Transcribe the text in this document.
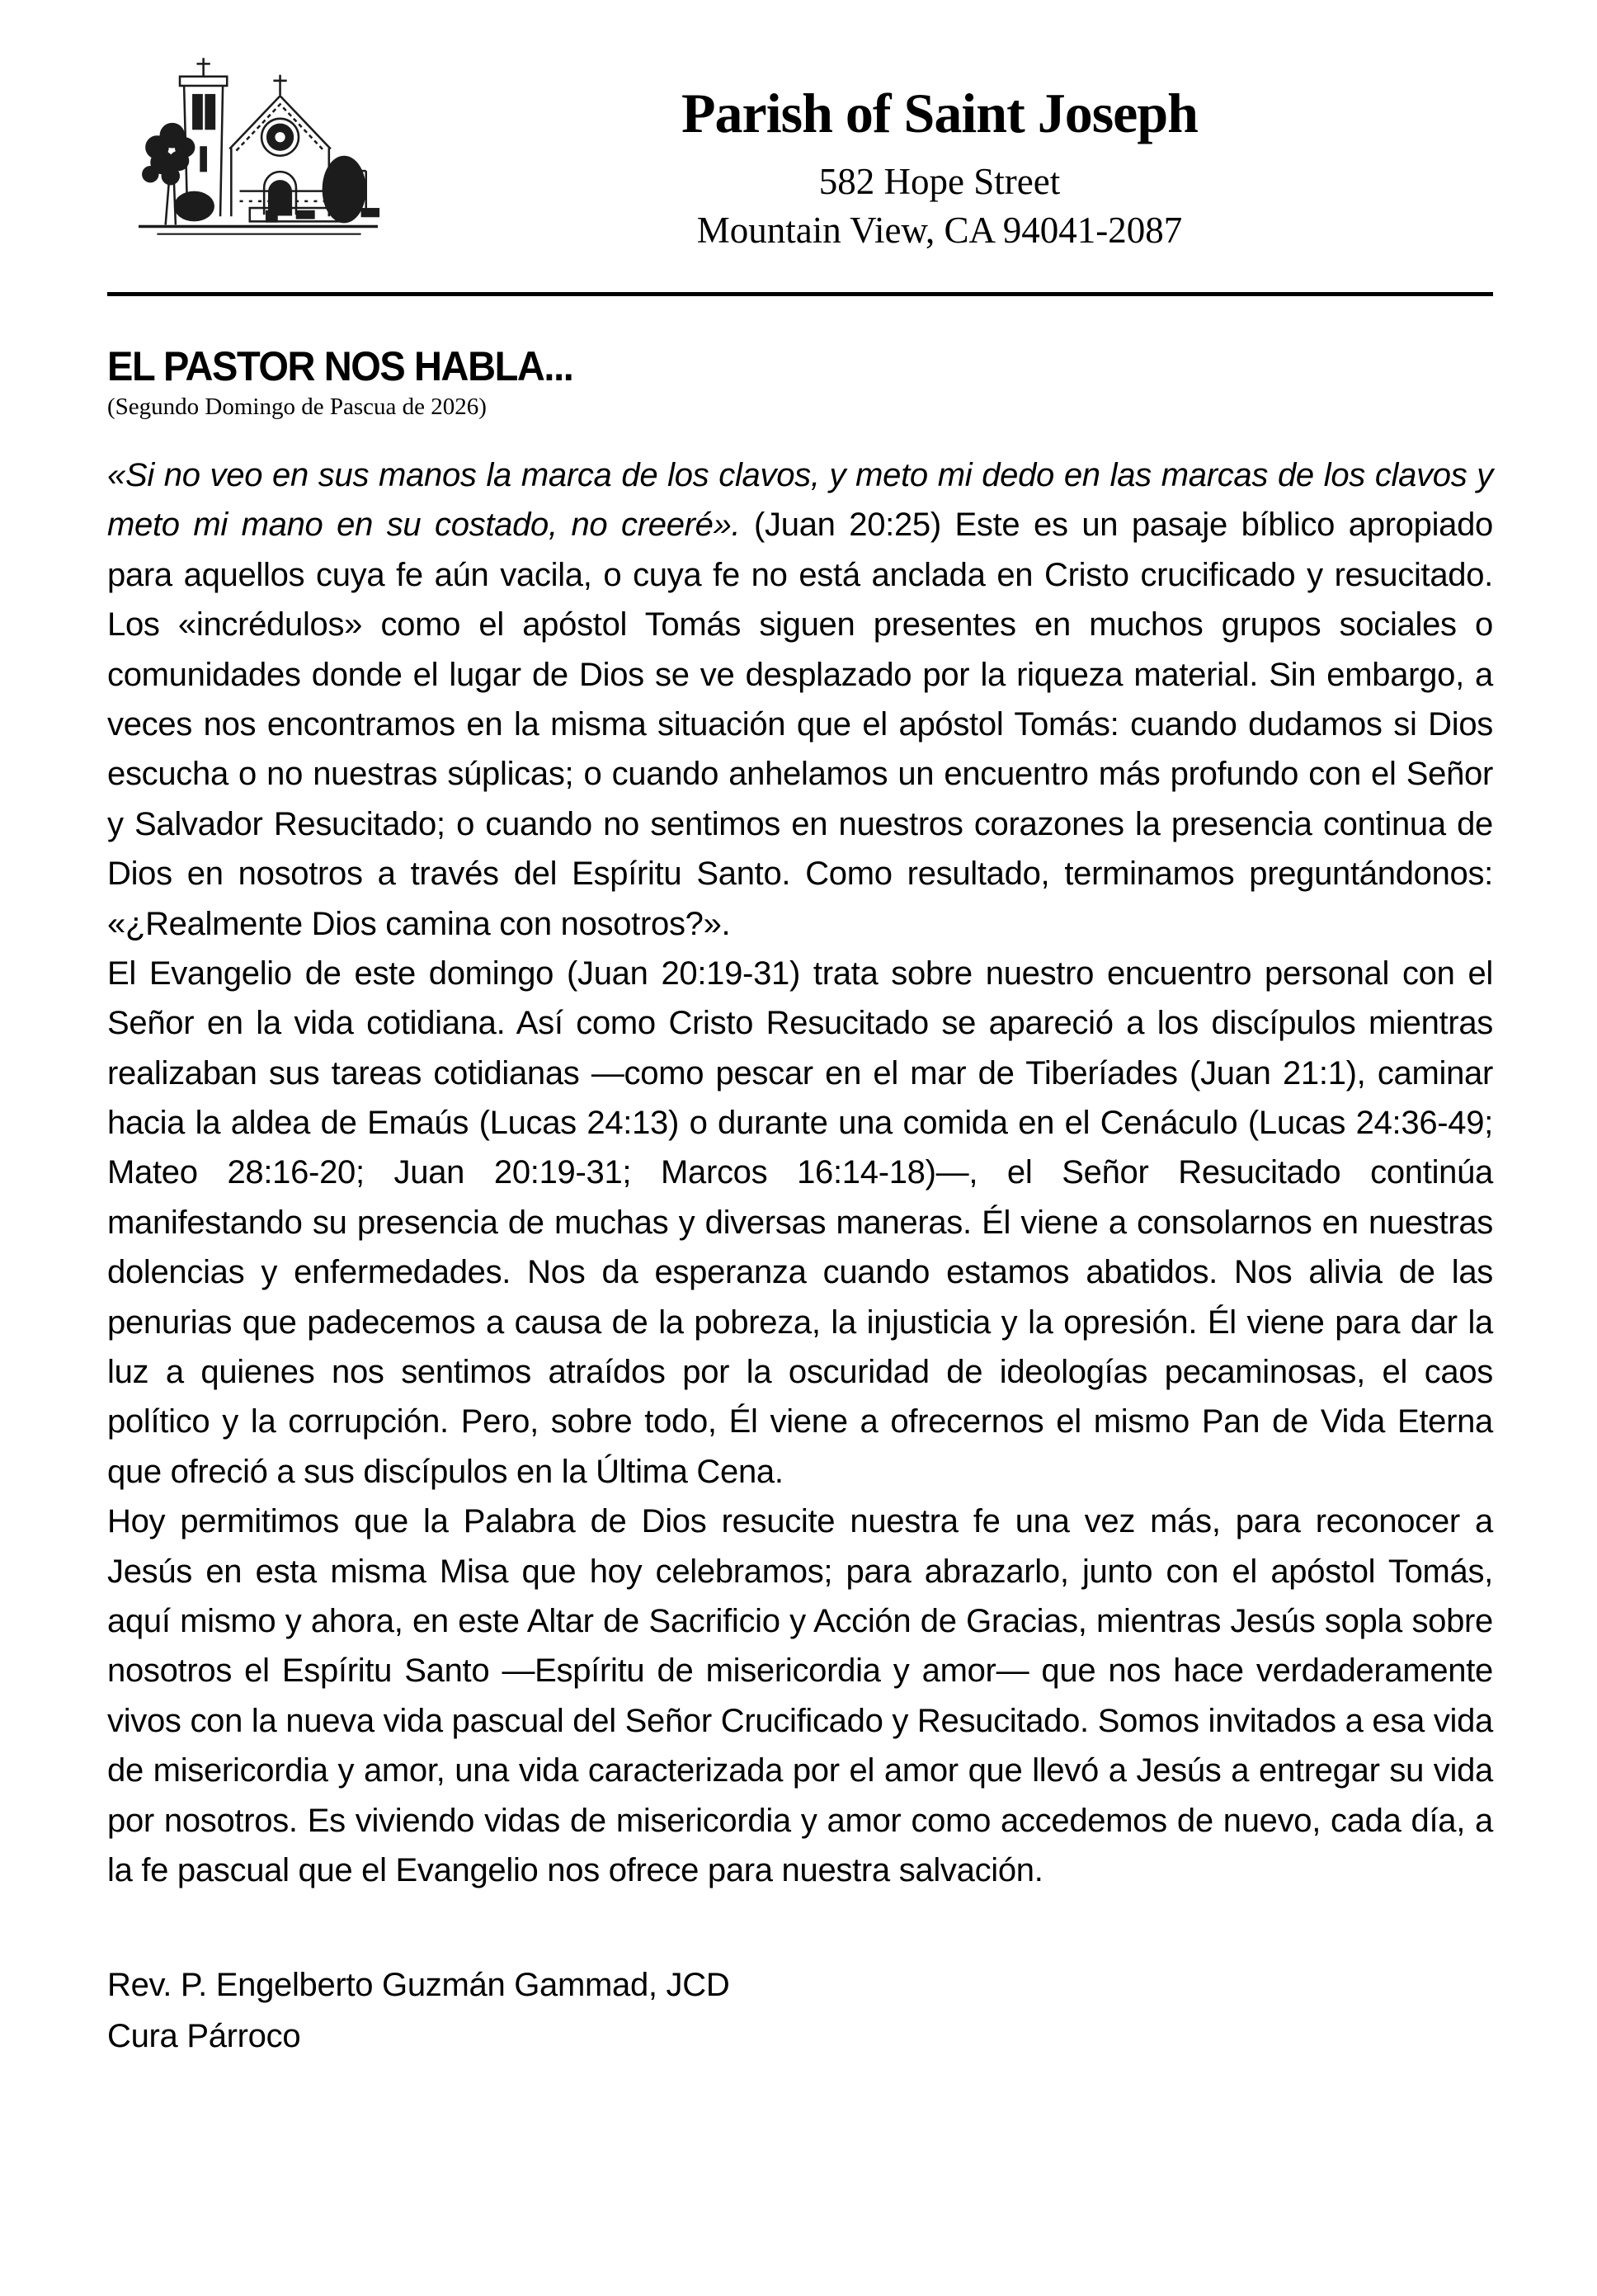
Parish of Saint Joseph
582 Hope Street
Mountain View, CA 94041-2087
EL PASTOR NOS HABLA...
(Segundo Domingo de Pascua de 2026)

«Si no veo en sus manos la marca de los clavos, y meto mi dedo en las marcas de los clavos y meto mi mano en su costado, no creeré». (Juan 20:25) Este es un pasaje bíblico apropiado para aquellos cuya fe aún vacila, o cuya fe no está anclada en Cristo crucificado y resucitado. Los «incrédulos» como el apóstol Tomás siguen presentes en muchos grupos sociales o comunidades donde el lugar de Dios se ve desplazado por la riqueza material. Sin embargo, a veces nos encontramos en la misma situación que el apóstol Tomás: cuando dudamos si Dios escucha o no nuestras súplicas; o cuando anhelamos un encuentro más profundo con el Señor y Salvador Resucitado; o cuando no sentimos en nuestros corazones la presencia continua de Dios en nosotros a través del Espíritu Santo. Como resultado, terminamos preguntándonos: «¿Realmente Dios camina con nosotros?».

El Evangelio de este domingo (Juan 20:19-31) trata sobre nuestro encuentro personal con el Señor en la vida cotidiana. Así como Cristo Resucitado se apareció a los discípulos mientras realizaban sus tareas cotidianas —como pescar en el mar de Tiberíades (Juan 21:1), caminar hacia la aldea de Emaús (Lucas 24:13) o durante una comida en el Cenáculo (Lucas 24:36-49; Mateo 28:16-20; Juan 20:19-31; Marcos 16:14-18)—, el Señor Resucitado continúa manifestando su presencia de muchas y diversas maneras. Él viene a consolarnos en nuestras dolencias y enfermedades. Nos da esperanza cuando estamos abatidos. Nos alivia de las penurias que padecemos a causa de la pobreza, la injusticia y la opresión. Él viene para dar la luz a quienes nos sentimos atraídos por la oscuridad de ideologías pecaminosas, el caos político y la corrupción. Pero, sobre todo, Él viene a ofrecernos el mismo Pan de Vida Eterna que ofreció a sus discípulos en la Última Cena.

Hoy permitimos que la Palabra de Dios resucite nuestra fe una vez más, para reconocer a Jesús en esta misma Misa que hoy celebramos; para abrazarlo, junto con el apóstol Tomás, aquí mismo y ahora, en este Altar de Sacrificio y Acción de Gracias, mientras Jesús sopla sobre nosotros el Espíritu Santo —Espíritu de misericordia y amor— que nos hace verdaderamente vivos con la nueva vida pascual del Señor Crucificado y Resucitado. Somos invitados a esa vida de misericordia y amor, una vida caracterizada por el amor que llevó a Jesús a entregar su vida por nosotros. Es viviendo vidas de misericordia y amor como accedemos de nuevo, cada día, a la fe pascual que el Evangelio nos ofrece para nuestra salvación.

Rev. P. Engelberto Guzmán Gammad, JCD
Cura Párroco
